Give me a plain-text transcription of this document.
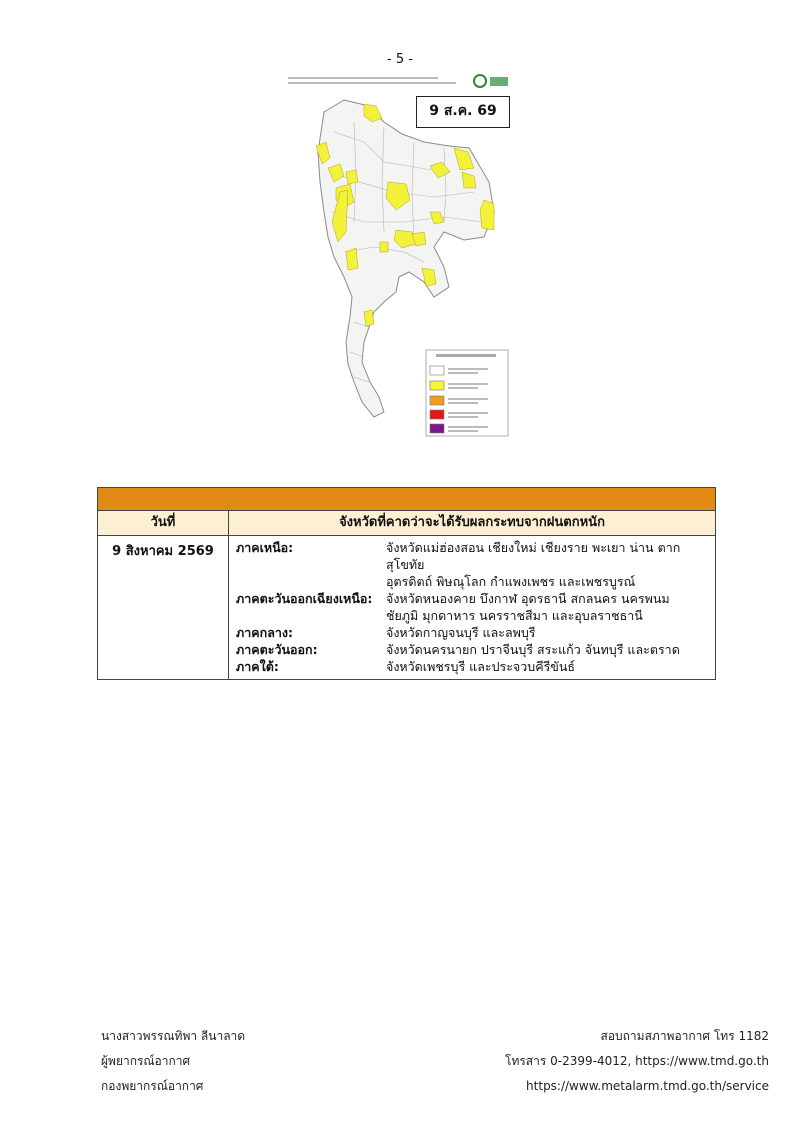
- 5 -
9 ส.ค. 69
วันที่	จังหวัดที่คาดว่าจะได้รับผลกระทบจากฝนตกหนัก
9 สิงหาคม 2569	ภาคเหนือ:	จังหวัดแม่ฮ่องสอน เชียงใหม่ เชียงราย พะเยา น่าน ตาก สุโขทัย
อุตรดิตถ์ พิษณุโลก กำแพงเพชร และเพชรบูรณ์
ภาคตะวันออกเฉียงเหนือ:	จังหวัดหนองคาย บึงกาฬ อุดรธานี สกลนคร นครพนม
ชัยภูมิ มุกดาหาร นครราชสีมา และอุบลราชธานี
ภาคกลาง:	จังหวัดกาญจนบุรี และลพบุรี
ภาคตะวันออก:	จังหวัดนครนายก ปราจีนบุรี สระแก้ว จันทบุรี และตราด
ภาคใต้:	จังหวัดเพชรบุรี และประจวบคีรีขันธ์
นางสาวพรรณทิพา ลีนาลาด
ผู้พยากรณ์อากาศ
กองพยากรณ์อากาศ
สอบถามสภาพอากาศ โทร 1182
โทรสาร 0-2399-4012, https://www.tmd.go.th
https://www.metalarm.tmd.go.th/service
